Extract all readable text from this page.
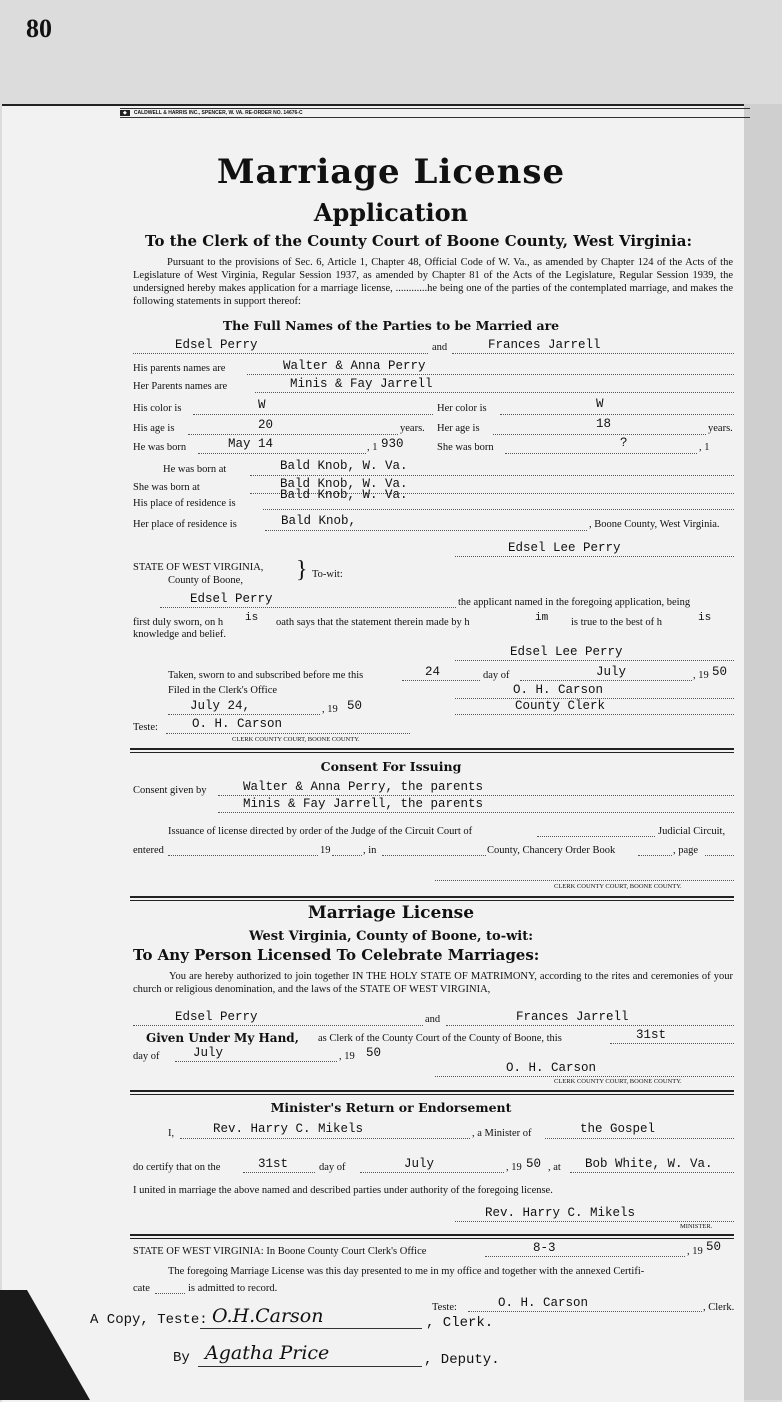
80
◆ CALDWELL & HARRIS INC., SPENCER, W. VA. RE-ORDER NO. 14676-C
Marriage License
Application
To the Clerk of the County Court of Boone County, West Virginia:
Pursuant to the provisions of Sec. 6, Article 1, Chapter 48, Official Code of W. Va., as amended by Chapter 124 of the Acts of the Legislature of West Virginia, Regular Session 1937, as amended by Chapter 81 of the Acts of the Legislature, Regular Session 1939, the undersigned hereby makes application for a marriage license, ............he being one of the parties of the contemplated marriage, and makes the following statements in support thereof:
The Full Names of the Parties to be Married are
Edsel Perry	and	Frances Jarrell
His parents names are	Walter & Anna Perry
Her Parents names are	Minis & Fay Jarrell
His color is	W	Her color is	W
His age is	20	years. Her age is	18	years.
He was born	May 14	, 1 930	She was born	?	, 1
He was born at	Bald Knob, W. Va.
She was born at	Bald Knob, W. Va.
His place of residence is
Bald Knob, W. Va.
Her place of residence is	Bald Knob,	, Boone County, West Virginia.
Edsel Lee Perry
STATE OF WEST VIRGINIA,
County of Boone, } To-wit:
Edsel Perry	the applicant named in the foregoing application, being
first duly sworn, on h is oath says that the statement therein made by h	im is true to the best of h	is
knowledge and belief.
Edsel Lee Perry
Taken, sworn to and subscribed before me this	24	day of	July	, 19 50
Filed in the Clerk's Office	O. H. Carson
July 24,	, 19 50	County Clerk
Teste:	O. H. Carson
CLERK COUNTY COURT, BOONE COUNTY.
Consent For Issuing
Consent given by	Walter & Anna Perry, the parents
Minis & Fay Jarrell, the parents
Issuance of license directed by order of the Judge of the Circuit Court of	Judicial Circuit,
entered	19	, in	County, Chancery Order Book	, page
CLERK COUNTY COURT, BOONE COUNTY.
Marriage License
West Virginia, County of Boone, to-wit:
To Any Person Licensed To Celebrate Marriages:
You are hereby authorized to join together IN THE HOLY STATE OF MATRIMONY, according to the rites and ceremonies of your church or religious denomination, and the laws of the STATE OF WEST VIRGINIA,
Edsel Perry	and	Frances Jarrell
Given Under My Hand, as Clerk of the County Court of the County of Boone, this	31st
day of	July	, 19 50
O. H. Carson
CLERK COUNTY COURT, BOONE COUNTY.
Minister's Return or Endorsement
I,	Rev. Harry C. Mikels	, a Minister of	the Gospel
do certify that on the	31st	day of	July	, 19 50 , at Bob White, W. Va.
I united in marriage the above named and described parties under authority of the foregoing license.
Rev. Harry C. Mikels
MINISTER.
STATE OF WEST VIRGINIA: In Boone County Court Clerk's Office	8-3	, 19 50
The foregoing Marriage License was this day presented to me in my office and together with the annexed Certifi-
cate	is admitted to record.
Teste:	O. H. Carson	, Clerk.
A Copy, Teste: O.H.Carson	, Clerk.
By Agatha Price	, Deputy.
